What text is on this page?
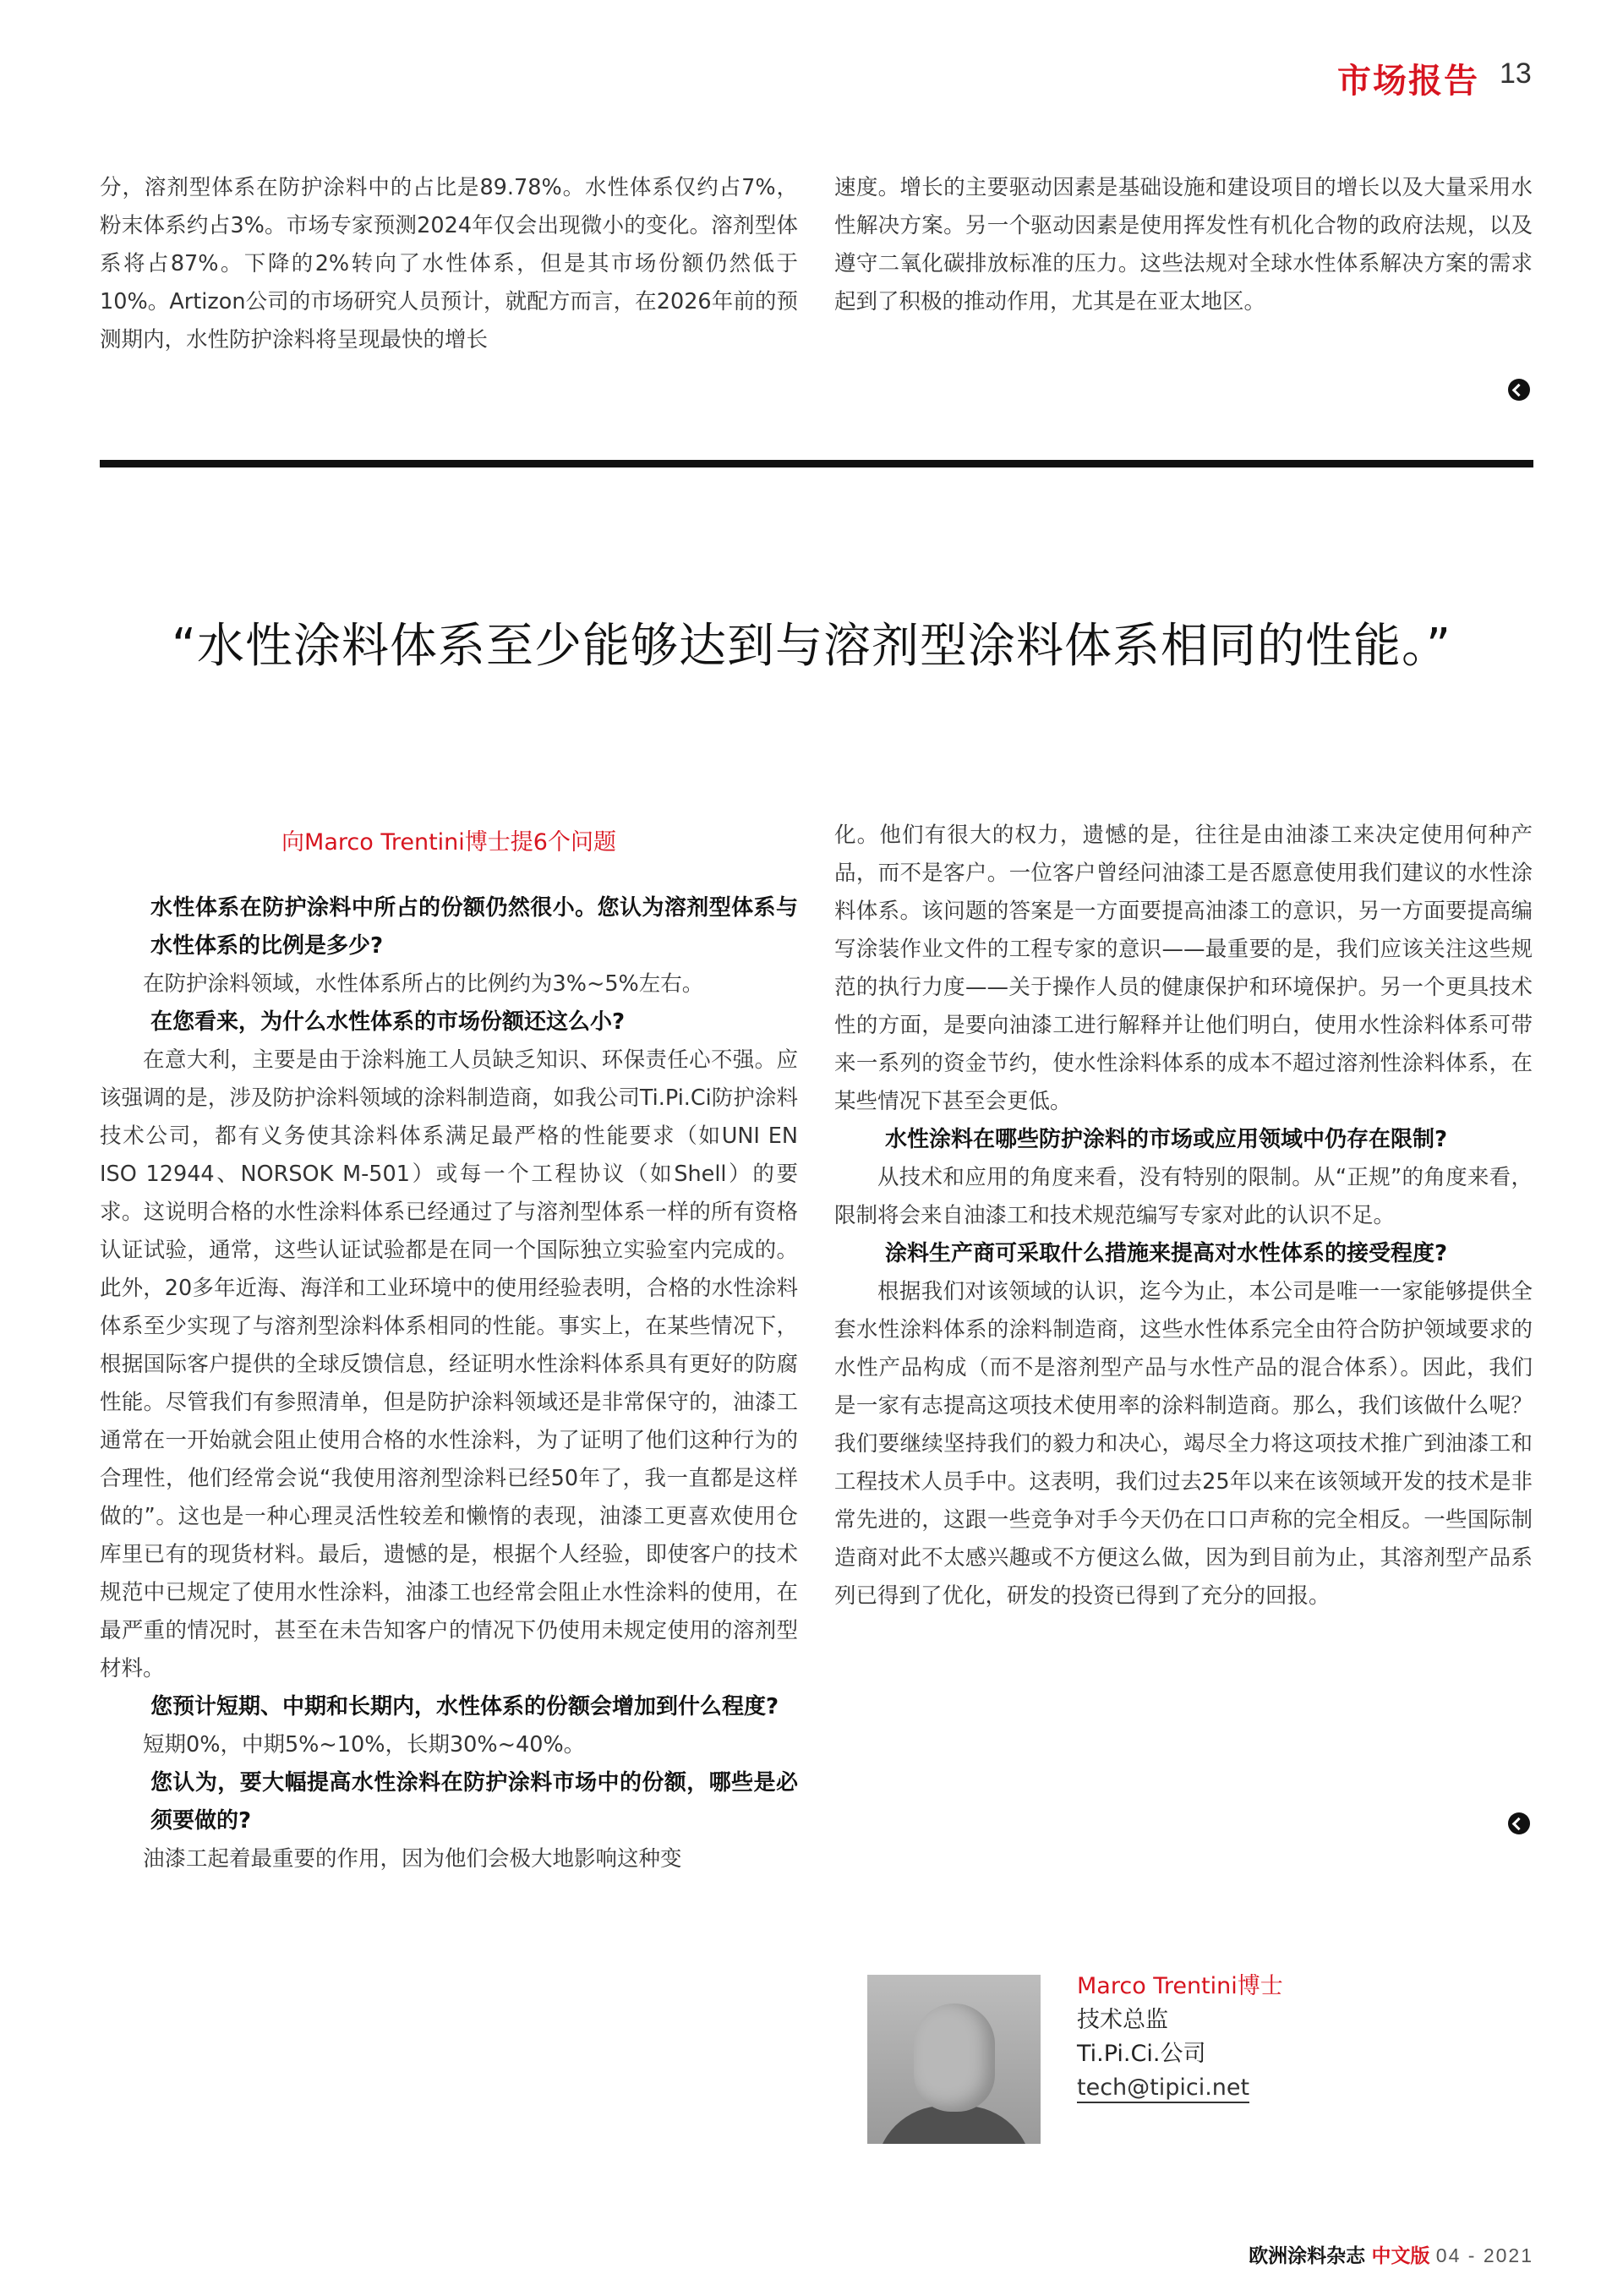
市场报告 13

分，溶剂型体系在防护涂料中的占比是89.78%。水性体系仅约占7%，粉末体系约占3%。市场专家预测2024年仅会出现微小的变化。溶剂型体系将占87%。下降的2%转向了水性体系，但是其市场份额仍然低于10%。Artizon公司的市场研究人员预计，就配方而言，在2026年前的预测期内，水性防护涂料将呈现最快的增长

速度。增长的主要驱动因素是基础设施和建设项目的增长以及大量采用水性解决方案。另一个驱动因素是使用挥发性有机化合物的政府法规，以及遵守二氧化碳排放标准的压力。这些法规对全球水性体系解决方案的需求起到了积极的推动作用，尤其是在亚太地区。

“水性涂料体系至少能够达到与溶剂型涂料体系相同的性能。”
向Marco Trentini博士提6个问题

水性体系在防护涂料中所占的份额仍然很小。您认为溶剂型体系与水性体系的比例是多少?

在防护涂料领域，水性体系所占的比例约为3%~5%左右。

在您看来，为什么水性体系的市场份额还这么小?

在意大利，主要是由于涂料施工人员缺乏知识、环保责任心不强。应该强调的是，涉及防护涂料领域的涂料制造商，如我公司Ti.Pi.Ci防护涂料技术公司，都有义务使其涂料体系满足最严格的性能要求（如UNI EN ISO 12944、NORSOK M-501）或每一个工程协议（如Shell）的要求。这说明合格的水性涂料体系已经通过了与溶剂型体系一样的所有资格认证试验，通常，这些认证试验都是在同一个国际独立实验室内完成的。此外，20多年近海、海洋和工业环境中的使用经验表明，合格的水性涂料体系至少实现了与溶剂型涂料体系相同的性能。事实上，在某些情况下，根据国际客户提供的全球反馈信息，经证明水性涂料体系具有更好的防腐性能。尽管我们有参照清单，但是防护涂料领域还是非常保守的，油漆工通常在一开始就会阻止使用合格的水性涂料，为了证明了他们这种行为的合理性，他们经常会说“我使用溶剂型涂料已经50年了，我一直都是这样做的”。这也是一种心理灵活性较差和懒惰的表现，油漆工更喜欢使用仓库里已有的现货材料。最后，遗憾的是，根据个人经验，即使客户的技术规范中已规定了使用水性涂料，油漆工也经常会阻止水性涂料的使用，在最严重的情况时，甚至在未告知客户的情况下仍使用未规定使用的溶剂型材料。

您预计短期、中期和长期内，水性体系的份额会增加到什么程度?

短期0%，中期5%~10%，长期30%~40%。

您认为，要大幅提高水性涂料在防护涂料市场中的份额，哪些是必须要做的?

油漆工起着最重要的作用，因为他们会极大地影响这种变

化。他们有很大的权力，遗憾的是，往往是由油漆工来决定使用何种产品，而不是客户。一位客户曾经问油漆工是否愿意使用我们建议的水性涂料体系。该问题的答案是一方面要提高油漆工的意识，另一方面要提高编写涂装作业文件的工程专家的意识——最重要的是，我们应该关注这些规范的执行力度——关于操作人员的健康保护和环境保护。另一个更具技术性的方面，是要向油漆工进行解释并让他们明白，使用水性涂料体系可带来一系列的资金节约，使水性涂料体系的成本不超过溶剂性涂料体系，在某些情况下甚至会更低。

水性涂料在哪些防护涂料的市场或应用领域中仍存在限制?

从技术和应用的角度来看，没有特别的限制。从“正规”的角度来看，限制将会来自油漆工和技术规范编写专家对此的认识不足。

涂料生产商可采取什么措施来提高对水性体系的接受程度?

根据我们对该领域的认识，迄今为止，本公司是唯一一家能够提供全套水性涂料体系的涂料制造商，这些水性体系完全由符合防护领域要求的水性产品构成（而不是溶剂型产品与水性产品的混合体系）。因此，我们是一家有志提高这项技术使用率的涂料制造商。那么，我们该做什么呢？我们要继续坚持我们的毅力和决心，竭尽全力将这项技术推广到油漆工和工程技术人员手中。这表明，我们过去25年以来在该领域开发的技术是非常先进的，这跟一些竞争对手今天仍在口口声称的完全相反。一些国际制造商对此不太感兴趣或不方便这么做，因为到目前为止，其溶剂型产品系列已得到了优化，研发的投资已得到了充分的回报。

Marco Trentini博士
技术总监
Ti.Pi.Ci.公司
tech@tipici.net
欧洲涂料杂志 中文版 04 - 2021
